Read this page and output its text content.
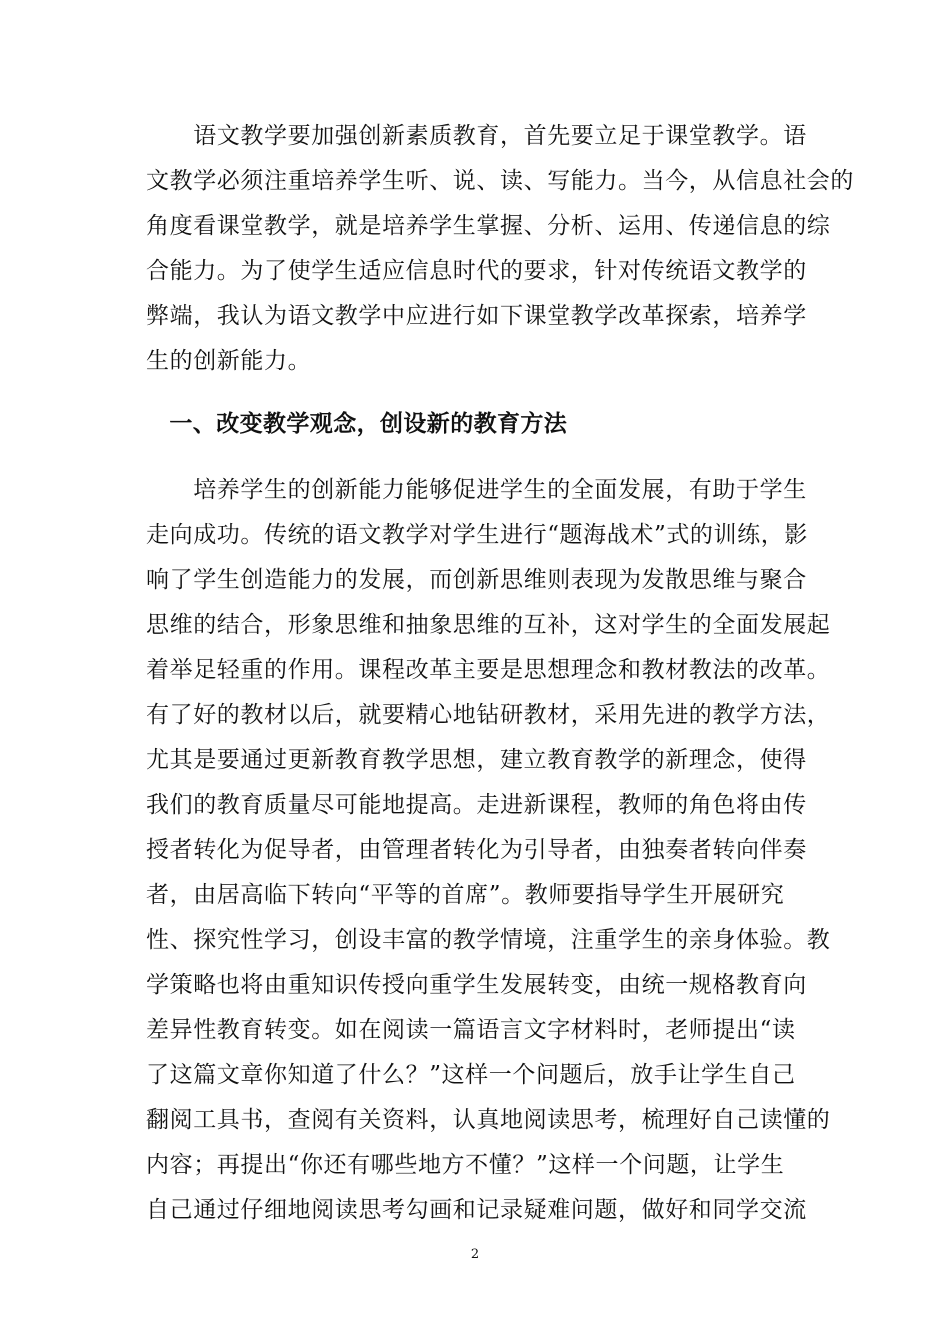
　　语文教学要加强创新素质教育，首先要立足于课堂教学。语
文教学必须注重培养学生听、说、读、写能力。当今，从信息社会的
角度看课堂教学，就是培养学生掌握、分析、运用、传递信息的综
合能力。为了使学生适应信息时代的要求，针对传统语文教学的
弊端，我认为语文教学中应进行如下课堂教学改革探索，培养学
生的创新能力。
　一、改变教学观念，创设新的教育方法
　　培养学生的创新能力能够促进学生的全面发展，有助于学生
走向成功。传统的语文教学对学生进行“题海战术”式的训练，影
响了学生创造能力的发展，而创新思维则表现为发散思维与聚合
思维的结合，形象思维和抽象思维的互补，这对学生的全面发展起
着举足轻重的作用。课程改革主要是思想理念和教材教法的改革。
有了好的教材以后，就要精心地钻研教材，采用先进的教学方法，
尤其是要通过更新教育教学思想，建立教育教学的新理念，使得
我们的教育质量尽可能地提高。走进新课程，教师的角色将由传
授者转化为促导者，由管理者转化为引导者，由独奏者转向伴奏
者，由居高临下转向“平等的首席”。教师要指导学生开展研究
性、探究性学习，创设丰富的教学情境，注重学生的亲身体验。教
学策略也将由重知识传授向重学生发展转变，由统一规格教育向
差异性教育转变。如在阅读一篇语言文字材料时，老师提出“读
了这篇文章你知道了什么？”这样一个问题后，放手让学生自己
翻阅工具书，查阅有关资料，认真地阅读思考，梳理好自己读懂的
内容；再提出“你还有哪些地方不懂？”这样一个问题，让学生
自己通过仔细地阅读思考勾画和记录疑难问题，做好和同学交流
2
